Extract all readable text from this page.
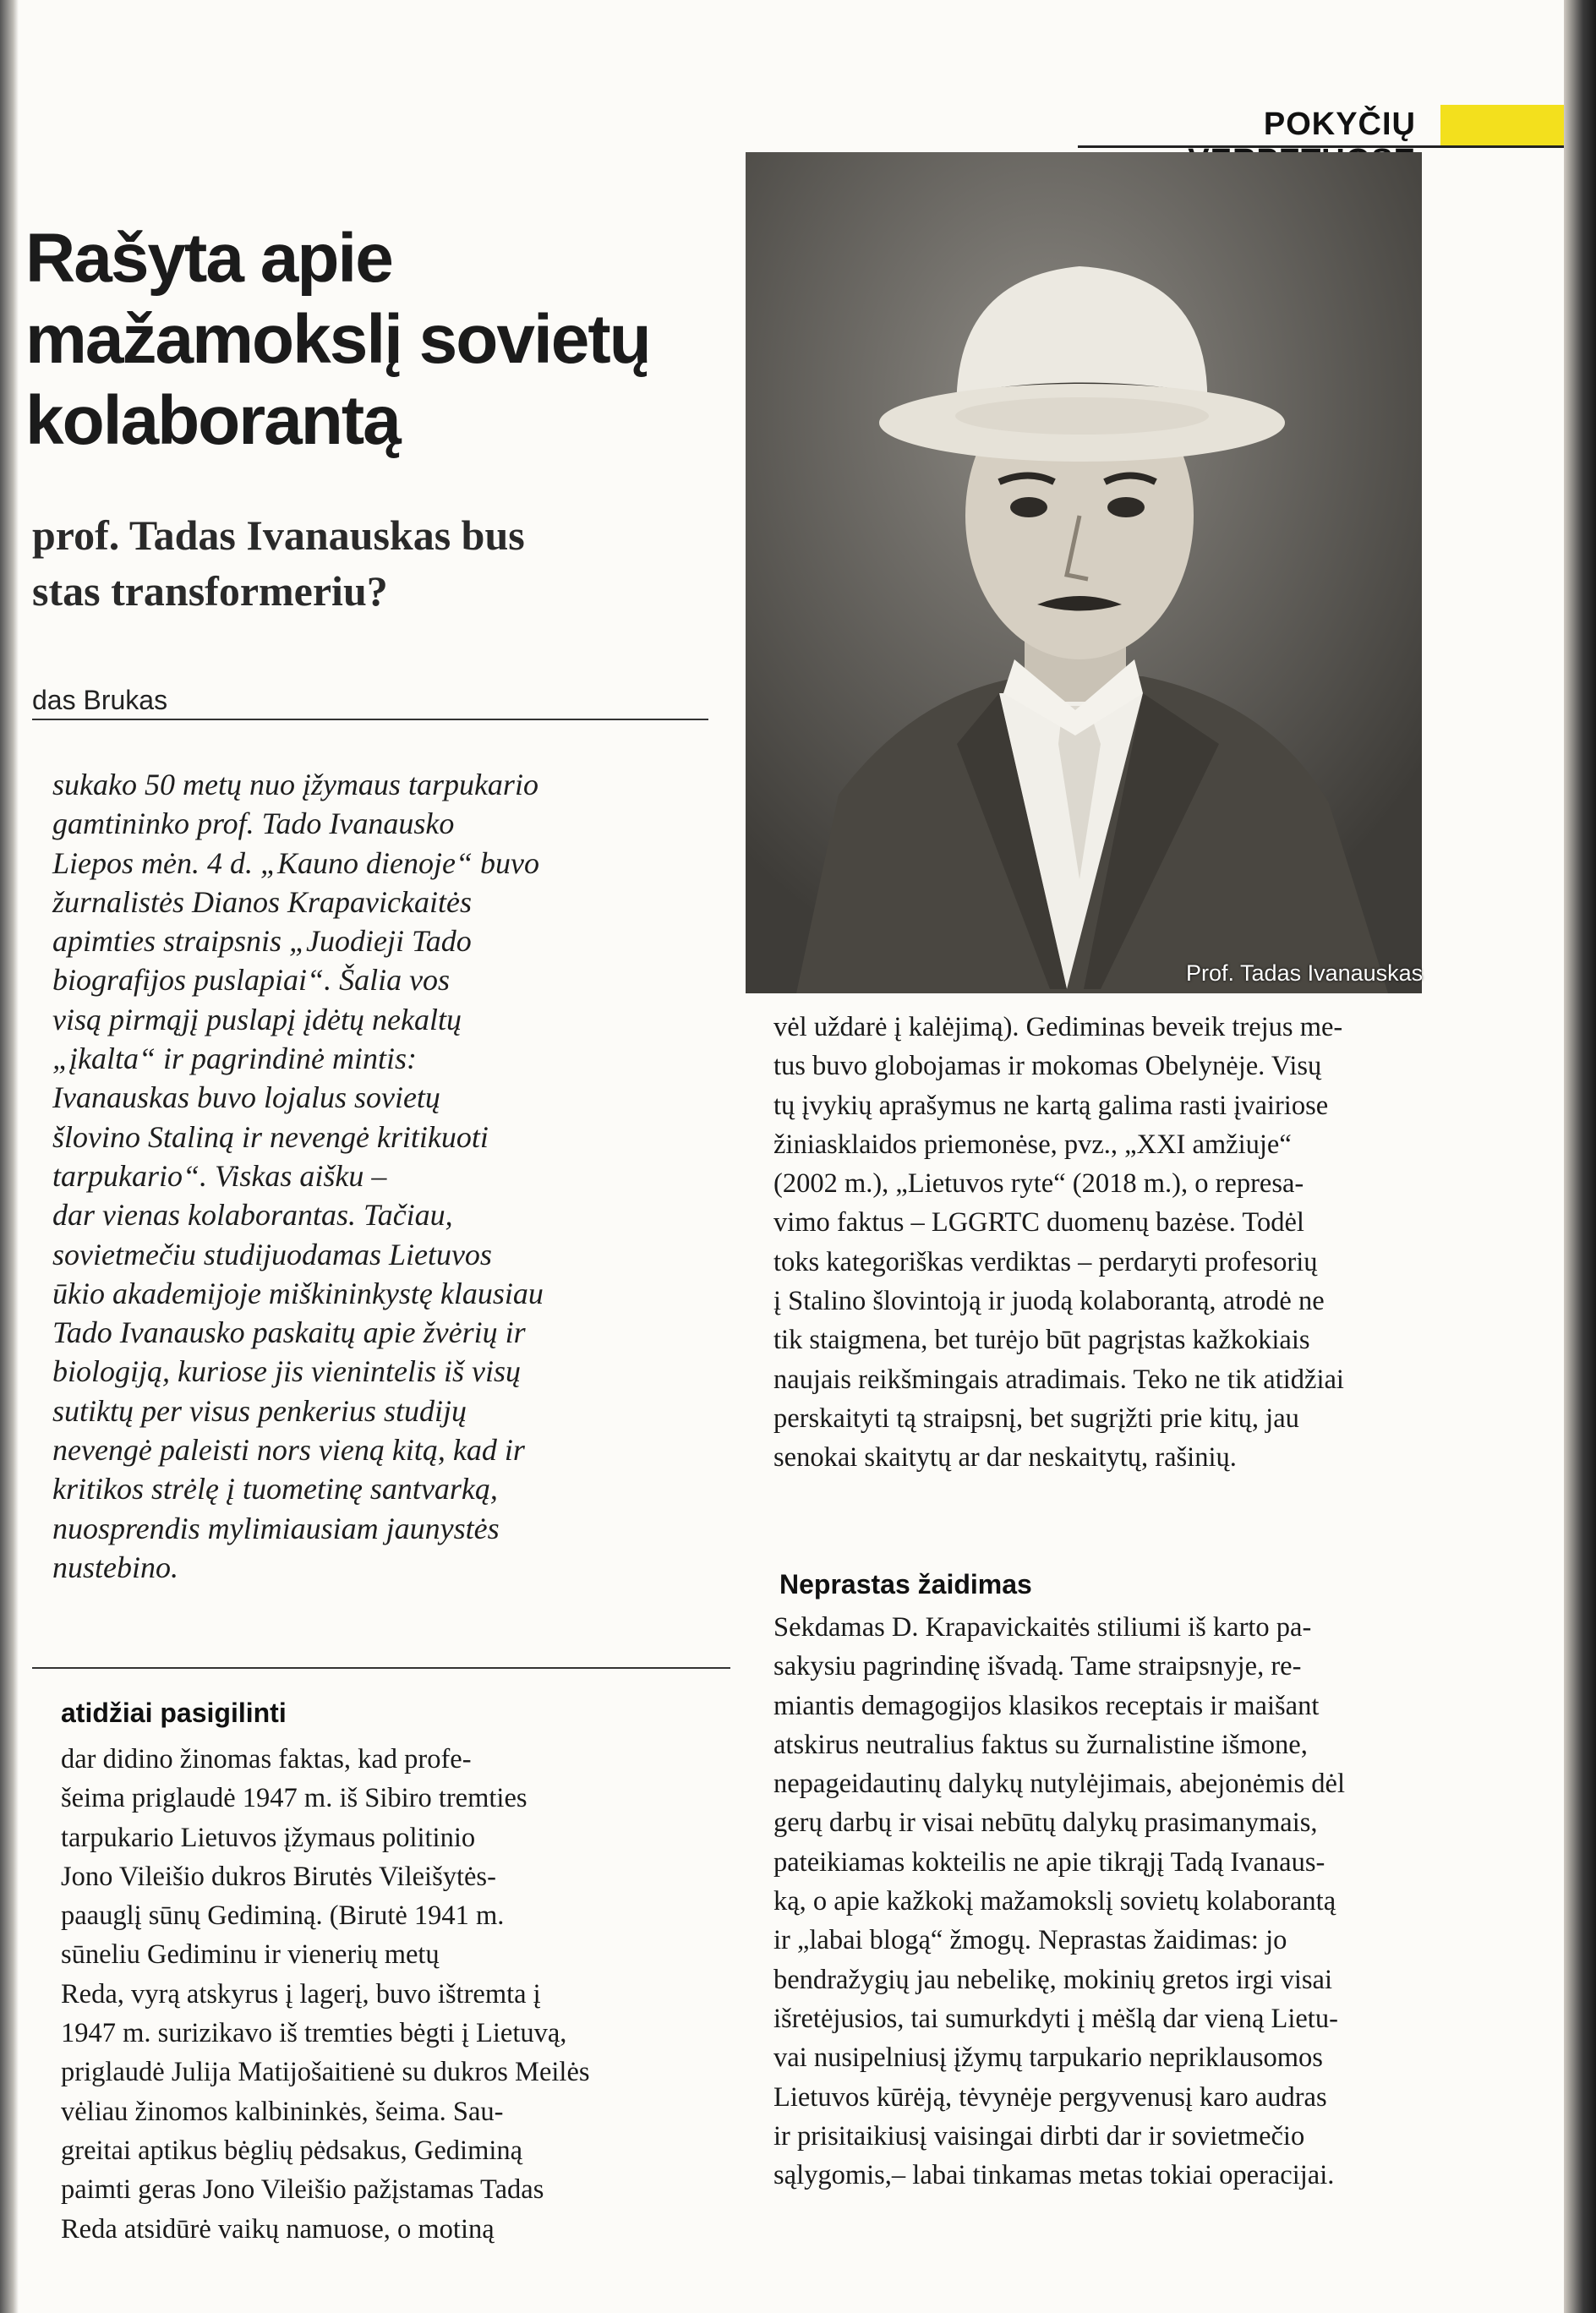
POKYČIŲ
Rašyta apie
mažamokslį sovietų
kolaborantą
prof. Tadas Ivanauskas bus
stas transformeriu?
das Brukas
sukako 50 metų nuo įžymaus tarpukario
gamtininko prof. Tado Ivanausko
Liepos mėn. 4 d. „Kauno dienoje“ buvo
žurnalistės Dianos Krapavickaitės
apimties straipsnis „Juodieji Tado
biografijos puslapiai“. Šalia vos
visą pirmąjį puslapį įdėtų nekaltų
„įkalta“ ir pagrindinė mintis:
Ivanauskas buvo lojalus sovietų
šlovino Staliną ir nevengė kritikuoti
tarpukario“. Viskas aišku –
dar vienas kolaborantas. Tačiau,
sovietmečiu studijuodamas Lietuvos
ūkio akademijoje miškininkystę klausiau
Tado Ivanausko paskaitų apie žvėrių ir
biologiją, kuriose jis vienintelis iš visų
sutiktų per visus penkerius studijų
nevengė paleisti nors vieną kitą, kad ir
kritikos strėlę į tuometinę santvarką,
nuosprendis mylimiausiam jaunystės
nustebino.
atidžiai pasigilinti
dar didino žinomas faktas, kad profe-
šeima priglaudė 1947 m. iš Sibiro tremties
tarpukario Lietuvos įžymaus politinio
Jono Vileišio dukros Birutės Vileišytės-
paauglį sūnų Gediminą. (Birutė 1941 m.
sūneliu Gediminu ir vienerių metų
Reda, vyrą atskyrus į lagerį, buvo ištremta į
1947 m. surizikavo iš tremties bėgti į Lietuvą,
priglaudė Julija Matijošaitienė su dukros Meilės
vėliau žinomos kalbininkės, šeima. Sau-
greitai aptikus bėglių pėdsakus, Gediminą
paimti geras Jono Vileišio pažįstamas Tadas
Reda atsidūrė vaikų namuose, o motiną
Prof. Tadas Ivanauskas
vėl uždarė į kalėjimą). Gediminas beveik trejus me-
tus buvo globojamas ir mokomas Obelynėje. Visų
tų įvykių aprašymus ne kartą galima rasti įvairiose
žiniasklaidos priemonėse, pvz., „XXI amžiuje“
(2002 m.), „Lietuvos ryte“ (2018 m.), o represa-
vimo faktus – LGGRTC duomenų bazėse. Todėl
toks kategoriškas verdiktas – perdaryti profesorių
į Stalino šlovintoją ir juodą kolaborantą, atrodė ne
tik staigmena, bet turėjo būt pagrįstas kažkokiais
naujais reikšmingais atradimais. Teko ne tik atidžiai
perskaityti tą straipsnį, bet sugrįžti prie kitų, jau
senokai skaitytų ar dar neskaitytų, rašinių.
Neprastas žaidimas
Sekdamas D. Krapavickaitės stiliumi iš karto pa-
sakysiu pagrindinę išvadą. Tame straipsnyje, re-
miantis demagogijos klasikos receptais ir maišant
atskirus neutralius faktus su žurnalistine išmone,
nepageidautinų dalykų nutylėjimais, abejonėmis dėl
gerų darbų ir visai nebūtų dalykų prasimanymais,
pateikiamas kokteilis ne apie tikrąjį Tadą Ivanaus-
ką, o apie kažkokį mažamokslį sovietų kolaborantą
ir „labai blogą“ žmogų. Neprastas žaidimas: jo
bendražygių jau nebelikę, mokinių gretos irgi visai
išretėjusios, tai sumurkdyti į mėšlą dar vieną Lietu-
vai nusipelniusį įžymų tarpukario nepriklausomos
Lietuvos kūrėją, tėvynėje pergyvenusį karo audras
ir prisitaikiusį vaisingai dirbti dar ir sovietmečio
sąlygomis,– labai tinkamas metas tokiai operacijai.
